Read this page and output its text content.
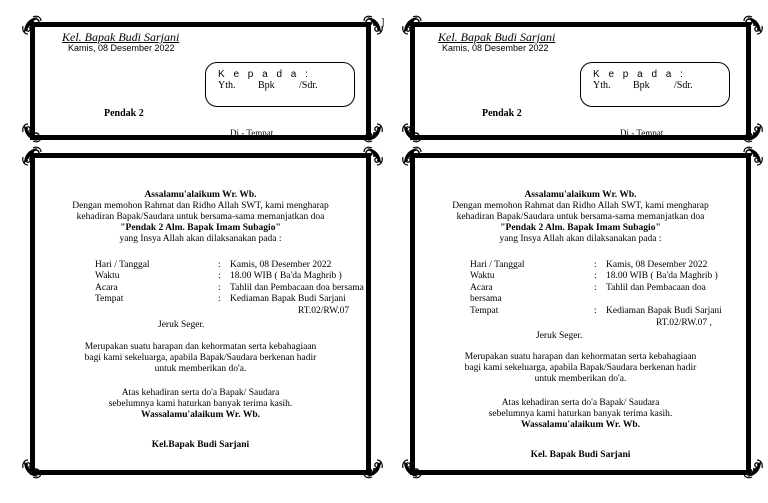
]
Kel. Bapak Budi Sarjani
Kamis, 08 Desember 2022
K e p a d a :
Yth. Bpk /Sdr.
Pendak 2
Di - Tempat
Assalamu'alaikum Wr. Wb.
Dengan memohon Rahmat dan Ridho Allah SWT, kami mengharap
kehadiran Bapak/Saudara untuk bersama-sama memanjatkan doa
"Pendak 2 Alm. Bapak Imam Subagio"
yang Insya Allah akan dilaksanakan pada :
Hari / Tanggal	: Kamis, 08 Desember 2022
Waktu	: 18.00 WIB ( Ba'da Maghrib )
Acara	: Tahlil dan Pembacaan doa bersama
Tempat	: Kediaman Bapak Budi Sarjani
RT.02/RW.07
Jeruk Seger.
Merupakan suatu harapan dan kehormatan serta kebahagiaan
bagi kami sekeluarga, apabila Bapak/Saudara berkenan hadir
untuk memberikan do'a.
Atas kehadiran serta do'a Bapak/ Saudara
sebelumnya kami haturkan banyak terima kasih.
Wassalamu'alaikum Wr. Wb.
Kel.Bapak Budi Sarjani
Kel. Bapak Budi Sarjani
Kamis, 08 Desember 2022
K e p a d a :
Yth. Bpk /Sdr.
Pendak 2
Di - Tempat
Assalamu'alaikum Wr. Wb.
Dengan memohon Rahmat dan Ridho Allah SWT, kami mengharap
kehadiran Bapak/Saudara untuk bersama-sama memanjatkan doa
"Pendak 2 Alm. Bapak Imam Subagio"
yang Insya Allah akan dilaksanakan pada :
Hari / Tanggal	: Kamis, 08 Desember 2022
Waktu	: 18.00 WIB ( Ba'da Maghrib )
Acara	: Tahlil dan Pembacaan doa
bersama
Tempat	: Kediaman Bapak Budi Sarjani
RT.02/RW.07 ,
Jeruk Seger.
Merupakan suatu harapan dan kehormatan serta kebahagiaan
bagi kami sekeluarga, apabila Bapak/Saudara berkenan hadir
untuk memberikan do'a.
Atas kehadiran serta do'a Bapak/ Saudara
sebelumnya kami haturkan banyak terima kasih.
Wassalamu'alaikum Wr. Wb.
Kel. Bapak Budi Sarjani
